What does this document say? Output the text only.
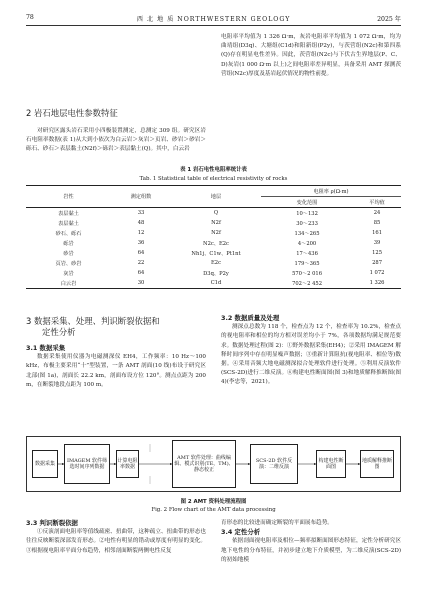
78	西 北 地 质 NORTHWESTERN GEOLOGY	2025 年
2 岩石地层电性参数特征

对研究区露头岩石采用小四极装置测定，总测定 309 组。研究区岩石电阻率数据(表 1)从大到小依次为白云岩＞灰岩＞页岩、砂岩＞砂岩＞砾石、砂石＞表层黏土(N2f)＞砾岩＞表层黏土(Q)。其中，白云岩

电阻率平均值为 1 326 Ω·m，灰岩电阻率平均值为 1 072 Ω·m，均为曲靖组(D3q)、大塘组(C1d)和阳新组(P2y)，与茨营组(N2c)和第四系(Q)存在明显电性差异。因此，茨营组(N2c)与下伏古生界地层(P、C、D)灰岩(1 000 Ω·m 以上)之间电阻率差异明显，具备采用 AMT 探测茨营组(N2c)厚度及基岩起伏情况的物性前提。

表 1 岩石电性电阻率统计表
Tab. 1 Statistical table of electrical resistivity of rocks
岩性	测定组数	地层	电阻率 ρ(Ω·m)	
			变化范围	平均值
表层黏土	33	Q	10～132	24
表层黏土	48	N2f	30～233	85
砂石、砾石	12	N2f	134～265	161
砾岩	36	N2c、E2c	4～200	39
砂岩	64	Nh1j、C1w、Pt1nt	17～436	125
页岩、砂岩	22	E2c	179～365	287
灰岩	64	D3q、P2y	570～2 016	1 072
白云岩	30	C1d	702～2 452	1 326
3 数据采集、处理、判识断裂依据和
定性分析
3.1 数据采集

数据采集使用仪器为电磁测深仪 EH4，工作频率：10 Hz～100 kHz，布极主要采用“十”型装置，一条 AMT 剖面(10 线)布设于研究区北部(图 1a)，剖面长 22.2 km，剖面布设方位 120°。测点点距为 200 m，在断裂地段点距为 100 m。

3.2 数据质量及处理

测深点总数为 118 个，检查点为 12 个，检查率为 10.2%，检查点的视电阻率和相位的均方相对误差均小于 7%，各项数据均满足规范要求。数据处理过程(图 2)：①野外数据采集(EH4)；②采用 IMAGEM 解释时间序列中存在明显噪声数据；③重新计算阻抗(视电阻率、相位等)数据。④采用音频大地电磁测深拟合处理软件进行处理。⑤利用反演软件(SCS-2D)进行二维反演。⑥构建电性断面图(图 3)和地质解释推断图(图 4)(李忠等，2021)。

数据采集	IMAGEM 软件筛选时间序列数据
计算电阻率数据
AMT 软件处理：曲线编辑、模式识别(TE、TM)、静态校正
SCS-2D 软件反演：二维反演
构建电性断面图
地质解释推断图
图 2 AMT 资料处理流程图
Fig. 2 Flow chart of the AMT data processing
3.3 判识断裂依据

①反演剖面电阻率等值线疏密、扭曲带，这种疏立、扭曲带的形态也往往反映断裂深部发育形态。②电性有明显的错动或厚度有明显的变化。③根据视电阻率平面分布趋势，相邻剖面断裂两侧电性反复

育形态的比较进而确定断裂的平面展布趋势。

3.4 定性分析

依据剖面视电阻率及相位—频率拟断面图形态特征，定性分析研究区地下电性的分布特征，并初步建立地下介质模型，为二维反演(SCS-2D)的初始地模
